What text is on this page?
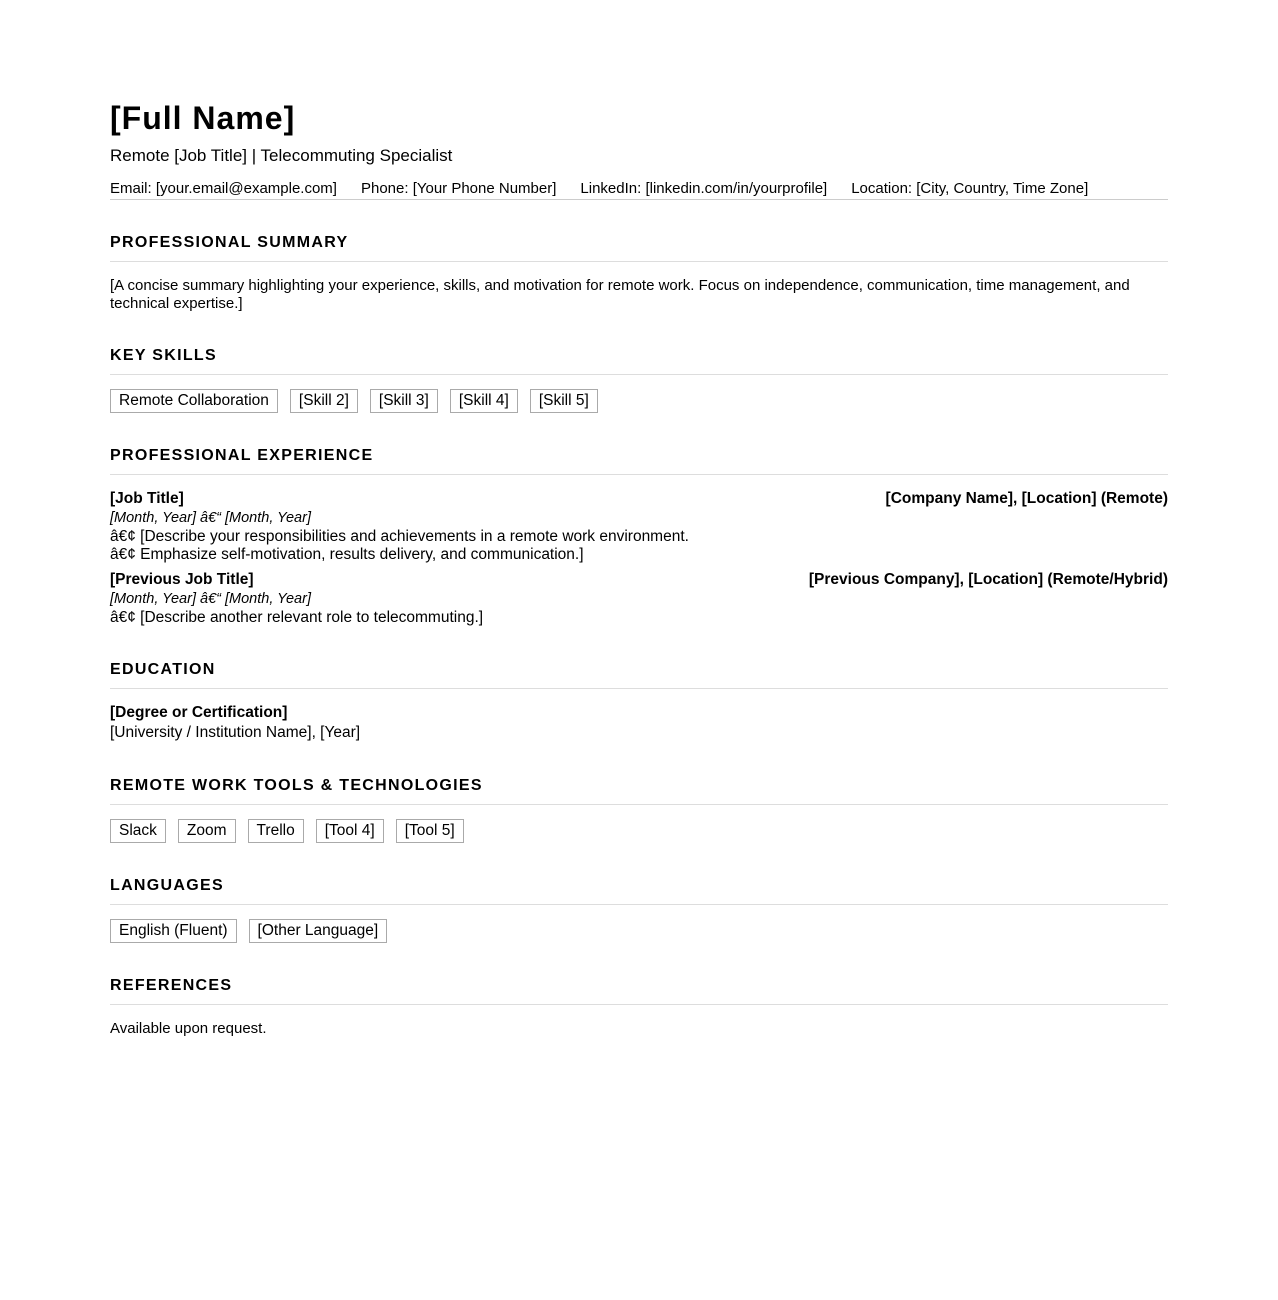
[Full Name]
Remote [Job Title] | Telecommuting Specialist
Email: [your.email@example.com] Phone: [Your Phone Number] LinkedIn: [linkedin.com/in/yourprofile] Location: [City, Country, Time Zone]
PROFESSIONAL SUMMARY
[A concise summary highlighting your experience, skills, and motivation for remote work. Focus on independence, communication, time management, and technical expertise.]
KEY SKILLS
Remote Collaboration	[Skill 2]	[Skill 3]	[Skill 4]	[Skill 5]
PROFESSIONAL EXPERIENCE
[Job Title]	[Company Name], [Location] (Remote)
[Month, Year] â€“ [Month, Year]
â€¢ [Describe your responsibilities and achievements in a remote work environment.
â€¢ Emphasize self-motivation, results delivery, and communication.]
[Previous Job Title]	[Previous Company], [Location] (Remote/Hybrid)
[Month, Year] â€“ [Month, Year]
â€¢ [Describe another relevant role to telecommuting.]
EDUCATION
[Degree or Certification]
[University / Institution Name], [Year]
REMOTE WORK TOOLS & TECHNOLOGIES
Slack	Zoom	Trello	[Tool 4]	[Tool 5]
LANGUAGES
English (Fluent)	[Other Language]
REFERENCES
Available upon request.
